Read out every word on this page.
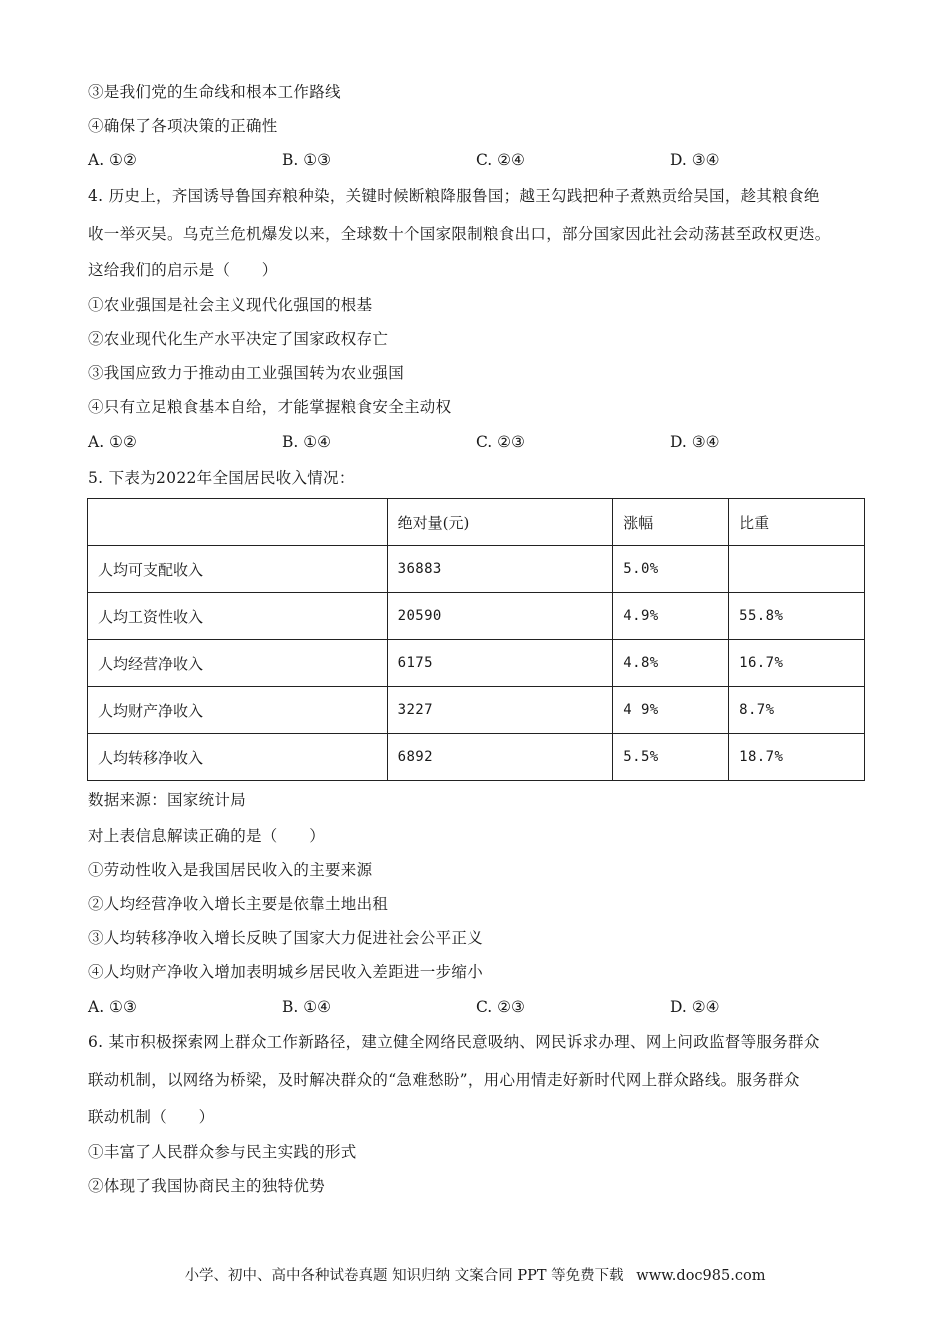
③是我们党的生命线和根本工作路线
④确保了各项决策的正确性
A. ①②	B. ①③	C. ②④	D. ③④
4. 历史上，齐国诱导鲁国弃粮种染，关键时候断粮降服鲁国；越王勾践把种子煮熟贡给吴国，趁其粮食绝
收一举灭吴。乌克兰危机爆发以来，全球数十个国家限制粮食出口，部分国家因此社会动荡甚至政权更迭。
这给我们的启示是（　　）
①农业强国是社会主义现代化强国的根基
②农业现代化生产水平决定了国家政权存亡
③我国应致力于推动由工业强国转为农业强国
④只有立足粮食基本自给，才能掌握粮食安全主动权
A. ①②	B. ①④	C. ②③	D. ③④
5. 下表为2022年全国居民收入情况：
	绝对量(元)	涨幅	比重
人均可支配收入	36883	5.0%	
人均工资性收入	20590	4.9%	55.8%
人均经营净收入	6175	4.8%	16.7%
人均财产净收入	3227	4 9%	8.7%
人均转移净收入	6892	5.5%	18.7%
数据来源：国家统计局
对上表信息解读正确的是（　　）
①劳动性收入是我国居民收入的主要来源
②人均经营净收入增长主要是依靠土地出租
③人均转移净收入增长反映了国家大力促进社会公平正义
④人均财产净收入增加表明城乡居民收入差距进一步缩小
A. ①③	B. ①④	C. ②③	D. ②④
6. 某市积极探索网上群众工作新路径，建立健全网络民意吸纳、网民诉求办理、网上问政监督等服务群众
联动机制，以网络为桥梁，及时解决群众的“急难愁盼”，用心用情走好新时代网上群众路线。服务群众
联动机制（　　）
①丰富了人民群众参与民主实践的形式
②体现了我国协商民主的独特优势
小学、初中、高中各种试卷真题 知识归纳 文案合同 PPT 等免费下载 www.doc985.com
